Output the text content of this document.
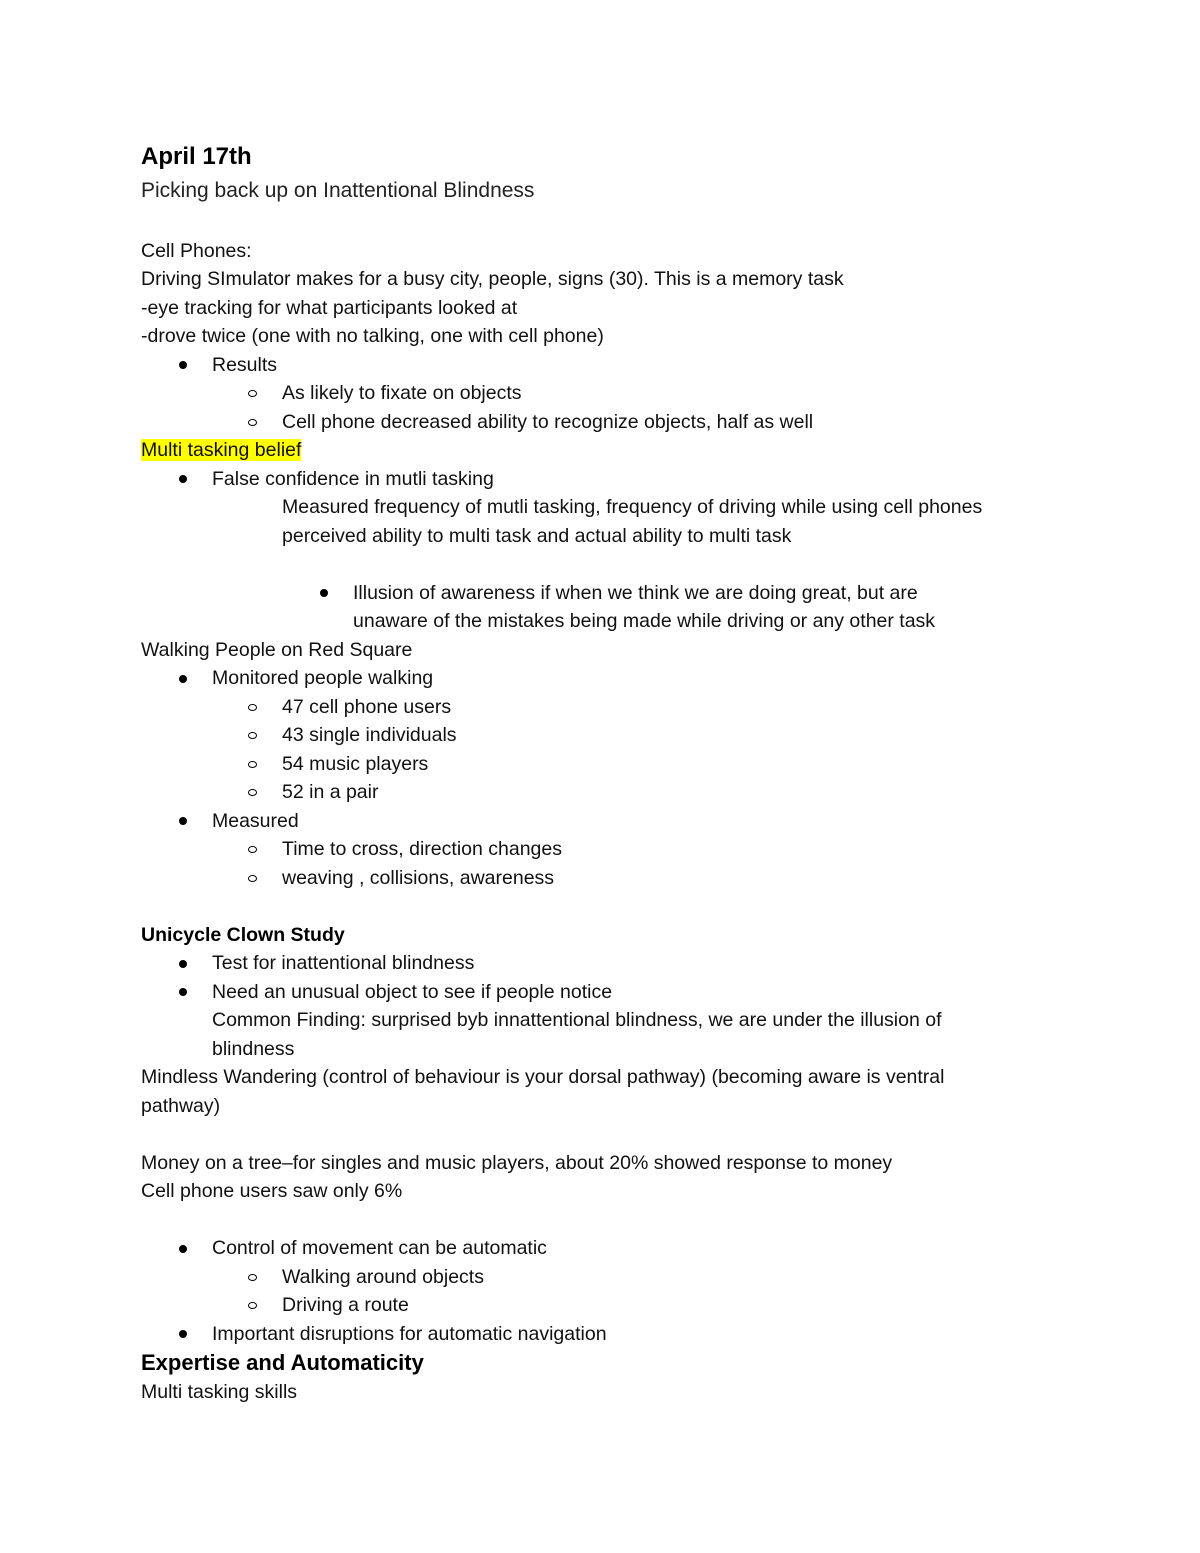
April 17th
Picking back up on Inattentional Blindness
Cell Phones:
Driving SImulator makes for a busy city, people, signs (30). This is a memory task
-eye tracking for what participants looked at
-drove twice (one with no talking, one with cell phone)
Results
As likely to fixate on objects
Cell phone decreased ability to recognize objects, half as well
Multi tasking belief
False confidence in mutli tasking
Measured frequency of mutli tasking, frequency of driving while using cell phones
perceived ability to multi task and actual ability to multi task
Illusion of awareness if when we think we are doing great, but are
unaware of the mistakes being made while driving or any other task
Walking People on Red Square
Monitored people walking
47 cell phone users
43 single individuals
54 music players
52 in a pair
Measured
Time to cross, direction changes
weaving , collisions, awareness
Unicycle Clown Study
Test for inattentional blindness
Need an unusual object to see if people notice
Common Finding: surprised byb innattentional blindness, we are under the illusion of
blindness
Mindless Wandering (control of behaviour is your dorsal pathway) (becoming aware is ventral
pathway)
Money on a tree–for singles and music players, about 20% showed response to money
Cell phone users saw only 6%
Control of movement can be automatic
Walking around objects
Driving a route
Important disruptions for automatic navigation
Expertise and Automaticity
Multi tasking skills
